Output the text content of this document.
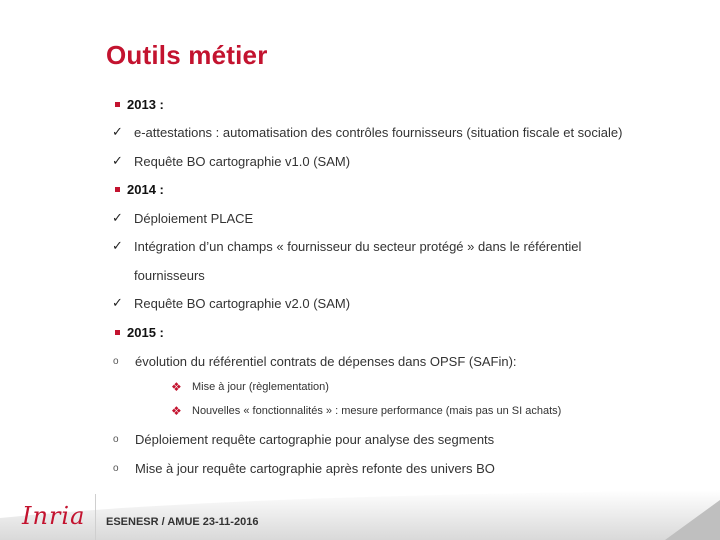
Outils métier
2013 :
✓ e-attestations : automatisation des contrôles fournisseurs (situation fiscale et sociale)
✓ Requête BO cartographie v1.0 (SAM)
2014 :
✓ Déploiement PLACE
✓ Intégration d’un champs « fournisseur du secteur protégé » dans le référentiel
fournisseurs
✓ Requête BO cartographie v2.0 (SAM)
2015 :
o	évolution du référentiel contrats de dépenses dans OPSF (SAFin):
❖ Mise à jour (règlementation)
❖ Nouvelles « fonctionnalités » : mesure performance (mais pas un SI achats)
o	Déploiement requête cartographie pour analyse des segments
o	Mise à jour requête cartographie après refonte des univers BO
Inria ESENESR / AMUE 23-11-2016
